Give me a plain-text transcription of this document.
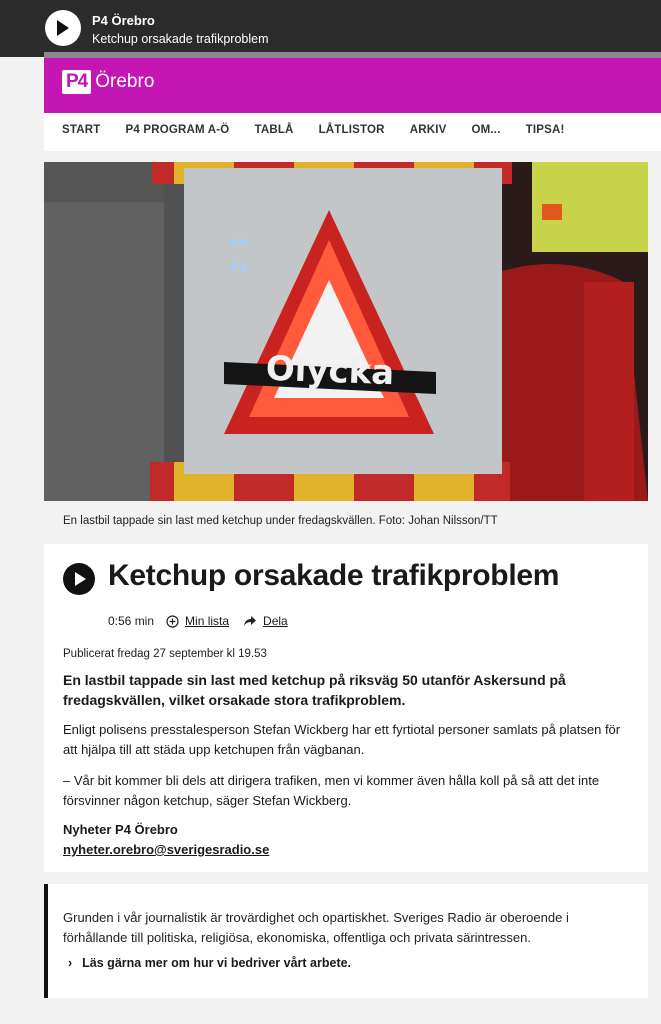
P4 Örebro
Ketchup orsakade trafikproblem
P4 Örebro
START P4 PROGRAM A-Ö TABLÅ LÅTLISTOR ARKIV OM... TIPSA!
Olycka
En lastbil tappade sin last med ketchup under fredagskvällen. Foto: Johan Nilsson/TT
Ketchup orsakade trafikproblem
0:56 min	Min lista	Dela
Publicerat fredag 27 september kl 19.53
En lastbil tappade sin last med ketchup på riksväg 50 utanför Askersund på fredagskvällen, vilket orsakade stora trafikproblem.
Enligt polisens presstalesperson Stefan Wickberg har ett fyrtiotal personer samlats på platsen för att hjälpa till att städa upp ketchupen från vägbanan.
– Vår bit kommer bli dels att dirigera trafiken, men vi kommer även hålla koll på så att det inte försvinner någon ketchup, säger Stefan Wickberg.
Nyheter P4 Örebro
nyheter.orebro@sverigesradio.se

Grunden i vår journalistik är trovärdighet och opartiskhet. Sveriges Radio är oberoende i förhållande till politiska, religiösa, ekonomiska, offentliga och privata särintressen.

› Läs gärna mer om hur vi bedriver vårt arbete.
